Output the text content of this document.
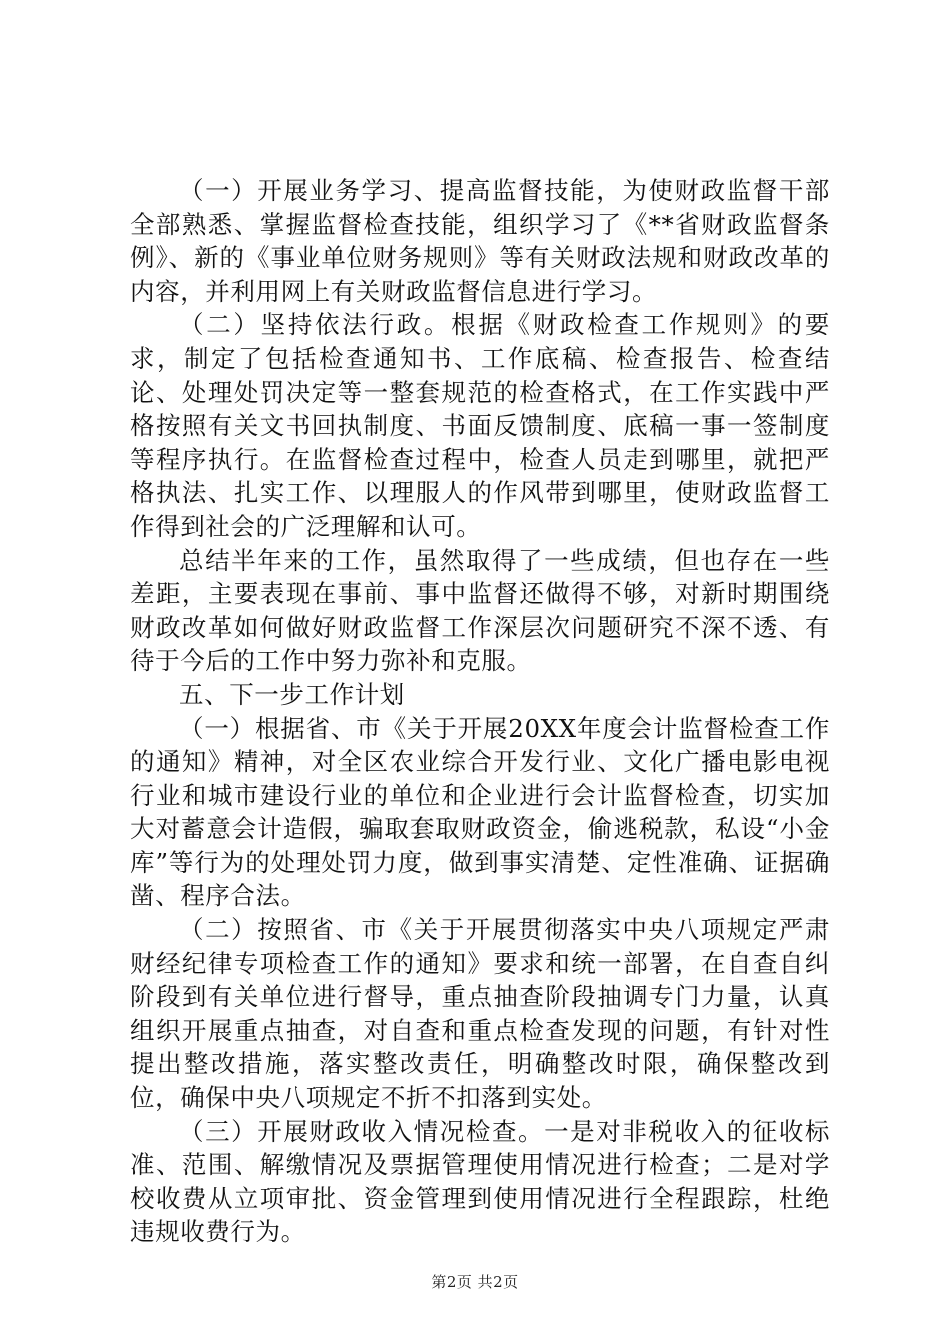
（一）开展业务学习、提高监督技能，为使财政监督干部全部熟悉、掌握监督检查技能，组织学习了《**省财政监督条例》、新的《事业单位财务规则》等有关财政法规和财政改革的内容，并利用网上有关财政监督信息进行学习。

（二）坚持依法行政。根据《财政检查工作规则》的要求，制定了包括检查通知书、工作底稿、检查报告、检查结论、处理处罚决定等一整套规范的检查格式，在工作实践中严格按照有关文书回执制度、书面反馈制度、底稿一事一签制度等程序执行。在监督检查过程中，检查人员走到哪里，就把严格执法、扎实工作、以理服人的作风带到哪里，使财政监督工作得到社会的广泛理解和认可。

总结半年来的工作，虽然取得了一些成绩，但也存在一些差距，主要表现在事前、事中监督还做得不够，对新时期围绕财政改革如何做好财政监督工作深层次问题研究不深不透、有待于今后的工作中努力弥补和克服。

五、下一步工作计划

（一）根据省、市《关于开展20XX年度会计监督检查工作的通知》精神，对全区农业综合开发行业、文化广播电影电视行业和城市建设行业的单位和企业进行会计监督检查，切实加大对蓄意会计造假，骗取套取财政资金，偷逃税款，私设“小金库”等行为的处理处罚力度，做到事实清楚、定性准确、证据确凿、程序合法。

（二）按照省、市《关于开展贯彻落实中央八项规定严肃财经纪律专项检查工作的通知》要求和统一部署，在自查自纠阶段到有关单位进行督导，重点抽查阶段抽调专门力量，认真组织开展重点抽查，对自查和重点检查发现的问题，有针对性提出整改措施，落实整改责任，明确整改时限，确保整改到位，确保中央八项规定不折不扣落到实处。

（三）开展财政收入情况检查。一是对非税收入的征收标准、范围、解缴情况及票据管理使用情况进行检查；二是对学校收费从立项审批、资金管理到使用情况进行全程跟踪，杜绝违规收费行为。

第2页 共2页
